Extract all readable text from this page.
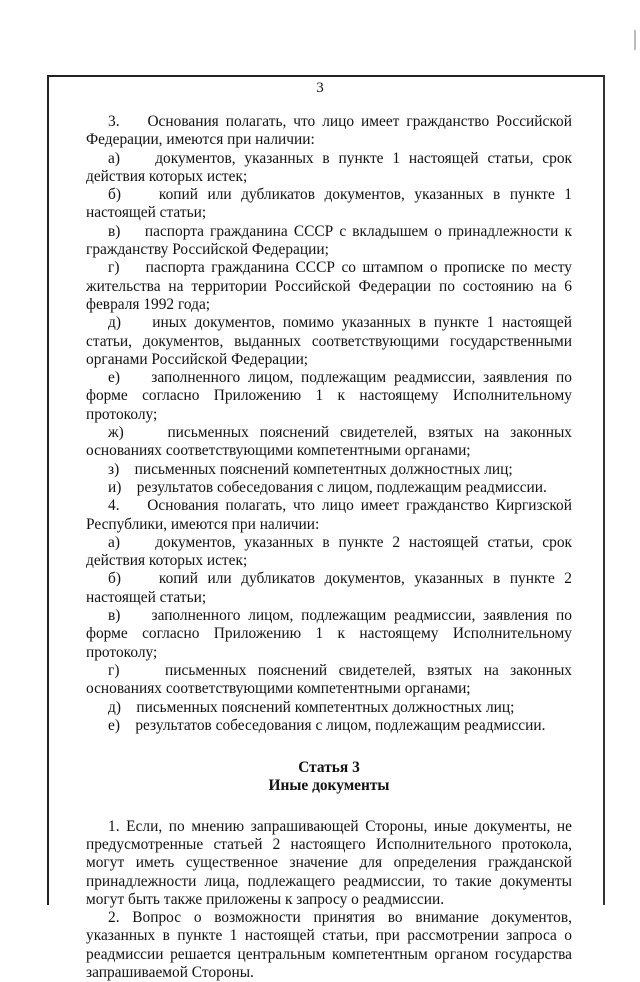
3

3.    Основания полагать, что лицо имеет гражданство Российской Федерации, имеются при наличии:

а)    документов, указанных в пункте 1 настоящей статьи, срок действия которых истек;

б)    копий или дубликатов документов, указанных в пункте 1 настоящей статьи;

в)    паспорта гражданина СССР с вкладышем о принадлежности к гражданству Российской Федерации;

г)    паспорта гражданина СССР со штампом о прописке по месту жительства на территории Российской Федерации по состоянию на 6 февраля 1992 года;

д)    иных документов, помимо указанных в пункте 1 настоящей статьи, документов, выданных соответствующими государственными органами Российской Федерации;

е)    заполненного лицом, подлежащим реадмиссии, заявления по форме согласно Приложению 1 к настоящему Исполнительному протоколу;

ж)    письменных пояснений свидетелей, взятых на законных основаниях соответствующими компетентными органами;

з)    письменных пояснений компетентных должностных лиц;

и)    результатов собеседования с лицом, подлежащим реадмиссии.

4.    Основания полагать, что лицо имеет гражданство Киргизской Республики, имеются при наличии:

а)    документов, указанных в пункте 2 настоящей статьи, срок действия которых истек;

б)    копий или дубликатов документов, указанных в пункте 2 настоящей статьи;

в)    заполненного лицом, подлежащим реадмиссии, заявления по форме согласно Приложению 1 к настоящему Исполнительному протоколу;

г)    письменных пояснений свидетелей, взятых на законных основаниях соответствующими компетентными органами;

д)    письменных пояснений компетентных должностных лиц;

е)    результатов собеседования с лицом, подлежащим реадмиссии.

Статья 3

Иные документы

1. Если, по мнению запрашивающей Стороны, иные документы, не предусмотренные статьей 2 настоящего Исполнительного протокола, могут иметь существенное значение для определения гражданской принадлежности лица, подлежащего реадмиссии, то такие документы могут быть также приложены к запросу о реадмиссии.

2. Вопрос о возможности принятия во внимание документов, указанных в пункте 1 настоящей статьи, при рассмотрении запроса о реадмиссии решается центральным компетентным органом государства запрашиваемой Стороны.
